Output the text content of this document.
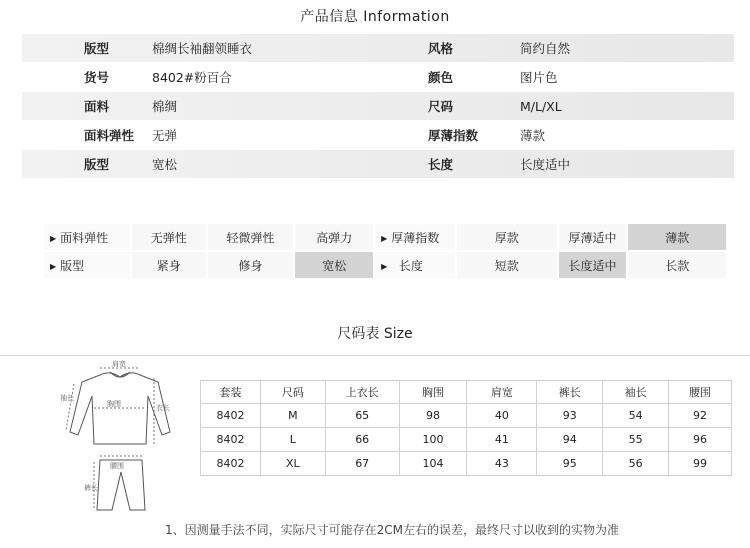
产品信息 Information
版型	棉绸长袖翻领睡衣	风格	简约自然
货号	8402#粉百合	颜色	图片色
面料	棉绸	尺码	M/L/XL
面料弹性	无弹	厚薄指数	薄款
版型	宽松	长度	长度适中
▶ 面料弹性	无弹性	轻微弹性	高弹力	▶ 厚薄指数	厚款	厚薄适中	薄款
▶ 版型	紧身	修身	宽松	▶ 长度	短款	长度适中	长款
尺码表 Size
肩宽
袖长
胸围	衣长
腰围
裤长
套装	尺码	上衣长	胸围	肩宽	裤长	袖长	腰围
8402	M	65	98	40	93	54	92
8402	L	66	100	41	94	55	96
8402	XL	67	104	43	95	56	99
1、因测量手法不同，实际尺寸可能存在2CM左右的误差，最终尺寸以收到的实物为准
